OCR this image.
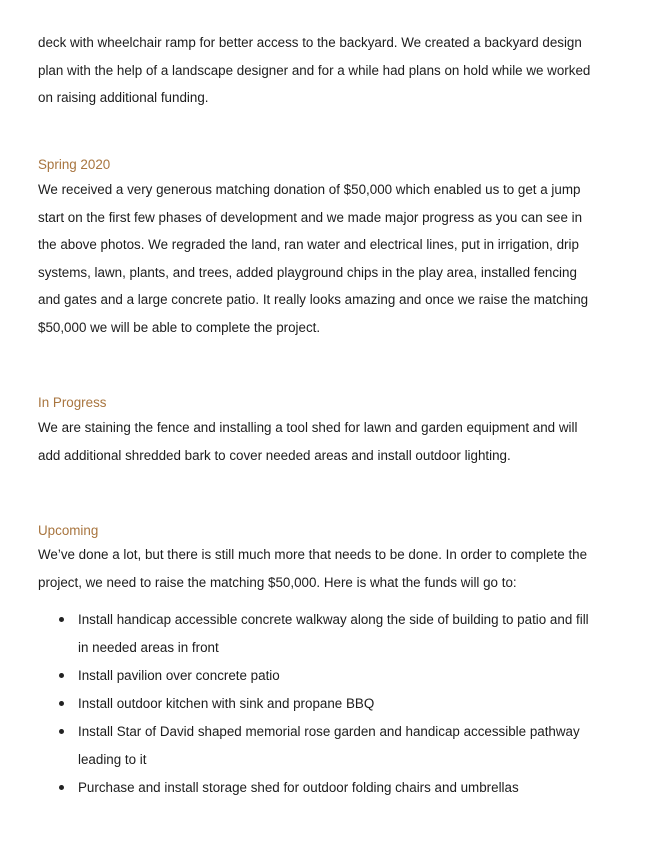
deck with wheelchair ramp for better access to the backyard. We created a backyard design
plan with the help of a landscape designer and for a while had plans on hold while we worked
on raising additional funding.

Spring 2020

We received a very generous matching donation of $50,000 which enabled us to get a jump
start on the first few phases of development and we made major progress as you can see in
the above photos. We regraded the land, ran water and electrical lines, put in irrigation, drip
systems, lawn, plants, and trees, added playground chips in the play area, installed fencing
and gates and a large concrete patio. It really looks amazing and once we raise the matching
$50,000 we will be able to complete the project.

In Progress

We are staining the fence and installing a tool shed for lawn and garden equipment and will
add additional shredded bark to cover needed areas and install outdoor lighting.

Upcoming

We’ve done a lot, but there is still much more that needs to be done. In order to complete the
project, we need to raise the matching $50,000. Here is what the funds will go to:

Install handicap accessible concrete walkway along the side of building to patio and fill
in needed areas in front
Install pavilion over concrete patio
Install outdoor kitchen with sink and propane BBQ
Install Star of David shaped memorial rose garden and handicap accessible pathway
leading to it
Purchase and install storage shed for outdoor folding chairs and umbrellas
